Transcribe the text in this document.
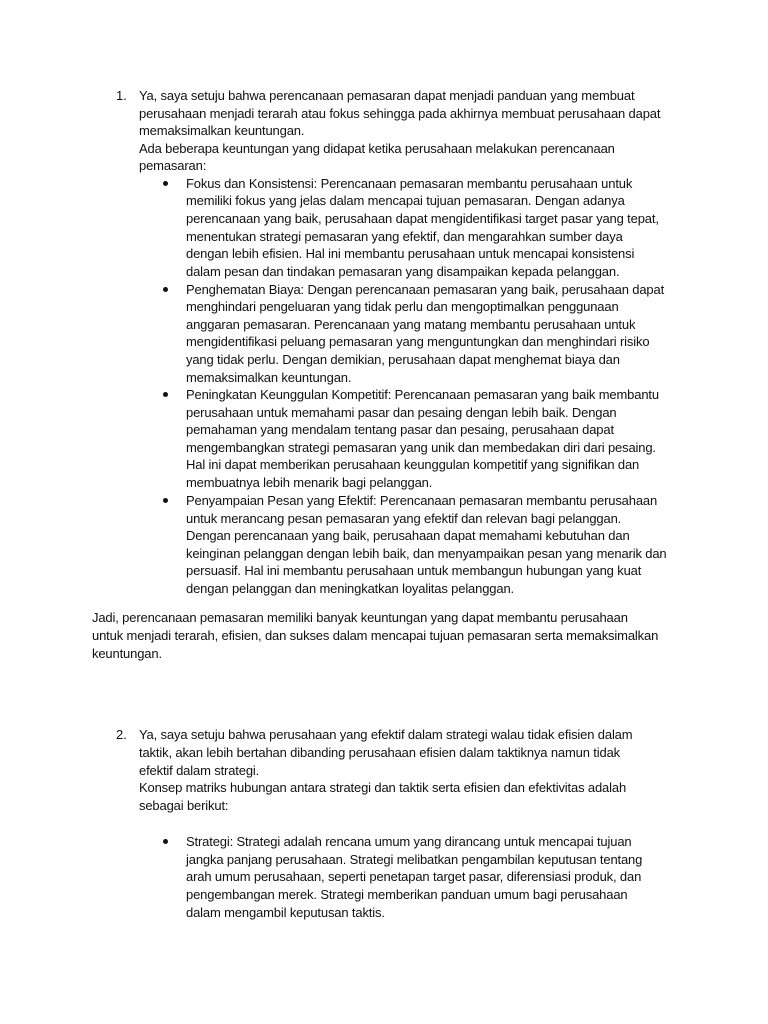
1. Ya, saya setuju bahwa perencanaan pemasaran dapat menjadi panduan yang membuat
perusahaan menjadi terarah atau fokus sehingga pada akhirnya membuat perusahaan dapat
memaksimalkan keuntungan.
Ada beberapa keuntungan yang didapat ketika perusahaan melakukan perencanaan
pemasaran:
Fokus dan Konsistensi: Perencanaan pemasaran membantu perusahaan untuk
memiliki fokus yang jelas dalam mencapai tujuan pemasaran. Dengan adanya
perencanaan yang baik, perusahaan dapat mengidentifikasi target pasar yang tepat,
menentukan strategi pemasaran yang efektif, dan mengarahkan sumber daya
dengan lebih efisien. Hal ini membantu perusahaan untuk mencapai konsistensi
dalam pesan dan tindakan pemasaran yang disampaikan kepada pelanggan.
Penghematan Biaya: Dengan perencanaan pemasaran yang baik, perusahaan dapat
menghindari pengeluaran yang tidak perlu dan mengoptimalkan penggunaan
anggaran pemasaran. Perencanaan yang matang membantu perusahaan untuk
mengidentifikasi peluang pemasaran yang menguntungkan dan menghindari risiko
yang tidak perlu. Dengan demikian, perusahaan dapat menghemat biaya dan
memaksimalkan keuntungan.
Peningkatan Keunggulan Kompetitif: Perencanaan pemasaran yang baik membantu
perusahaan untuk memahami pasar dan pesaing dengan lebih baik. Dengan
pemahaman yang mendalam tentang pasar dan pesaing, perusahaan dapat
mengembangkan strategi pemasaran yang unik dan membedakan diri dari pesaing.
Hal ini dapat memberikan perusahaan keunggulan kompetitif yang signifikan dan
membuatnya lebih menarik bagi pelanggan.
Penyampaian Pesan yang Efektif: Perencanaan pemasaran membantu perusahaan
untuk merancang pesan pemasaran yang efektif dan relevan bagi pelanggan.
Dengan perencanaan yang baik, perusahaan dapat memahami kebutuhan dan
keinginan pelanggan dengan lebih baik, dan menyampaikan pesan yang menarik dan
persuasif. Hal ini membantu perusahaan untuk membangun hubungan yang kuat
dengan pelanggan dan meningkatkan loyalitas pelanggan.
Jadi, perencanaan pemasaran memiliki banyak keuntungan yang dapat membantu perusahaan
untuk menjadi terarah, efisien, dan sukses dalam mencapai tujuan pemasaran serta memaksimalkan
keuntungan.
2. Ya, saya setuju bahwa perusahaan yang efektif dalam strategi walau tidak efisien dalam
taktik, akan lebih bertahan dibanding perusahaan efisien dalam taktiknya namun tidak
efektif dalam strategi.
Konsep matriks hubungan antara strategi dan taktik serta efisien dan efektivitas adalah
sebagai berikut:
Strategi: Strategi adalah rencana umum yang dirancang untuk mencapai tujuan
jangka panjang perusahaan. Strategi melibatkan pengambilan keputusan tentang
arah umum perusahaan, seperti penetapan target pasar, diferensiasi produk, dan
pengembangan merek. Strategi memberikan panduan umum bagi perusahaan
dalam mengambil keputusan taktis.
